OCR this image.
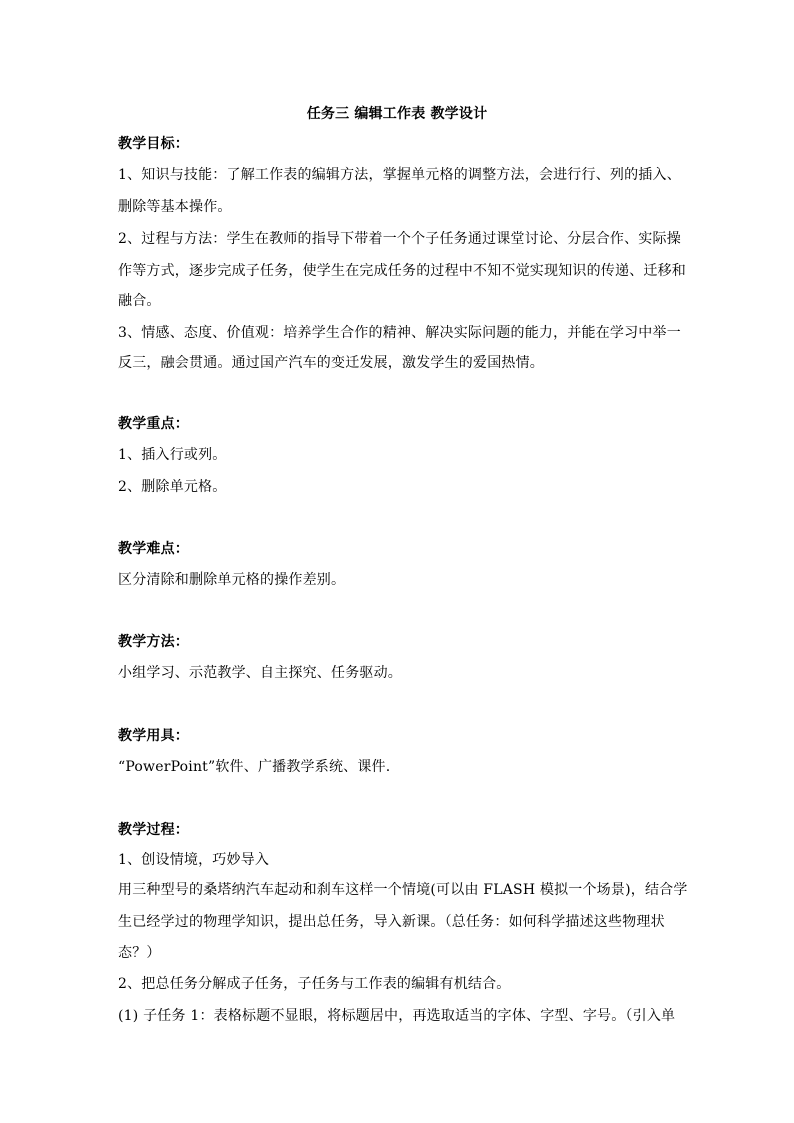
任务三 编辑工作表 教学设计
教学目标：
1、知识与技能：了解工作表的编辑方法，掌握单元格的调整方法，会进行行、列的插入、
删除等基本操作。
2、过程与方法：学生在教师的指导下带着一个个子任务通过课堂讨论、分层合作、实际操
作等方式，逐步完成子任务，使学生在完成任务的过程中不知不觉实现知识的传递、迁移和
融合。
3、情感、态度、价值观：培养学生合作的精神、解决实际问题的能力，并能在学习中举一
反三，融会贯通。通过国产汽车的变迁发展，激发学生的爱国热情。
教学重点：
1、插入行或列。
2、删除单元格。
教学难点：
区分清除和删除单元格的操作差别。
教学方法：
小组学习、示范教学、自主探究、任务驱动。
教学用具：
“PowerPoint”软件、广播教学系统、课件.
教学过程：
1、创设情境，巧妙导入
用三种型号的桑塔纳汽车起动和刹车这样一个情境(可以由 FLASH 模拟一个场景)，结合学
生已经学过的物理学知识，提出总任务，导入新课。（总任务：如何科学描述这些物理状
态？）
2、把总任务分解成子任务，子任务与工作表的编辑有机结合。
(1) 子任务 1：表格标题不显眼，将标题居中，再选取适当的字体、字型、字号。（引入单
